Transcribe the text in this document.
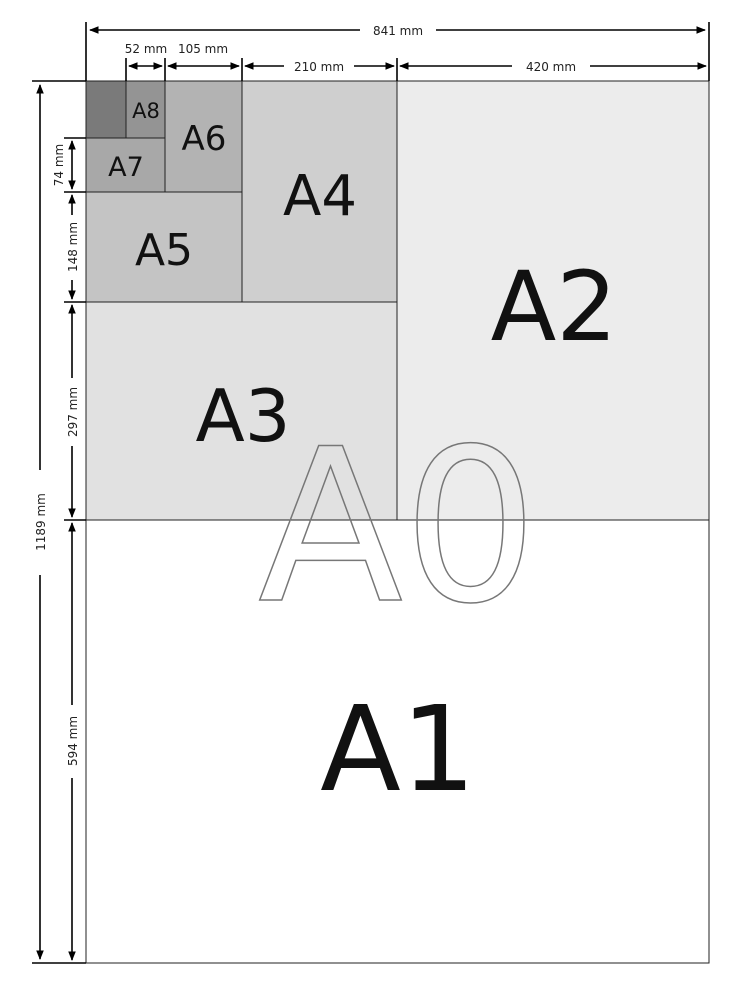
A1
A2
A3
A4
A5
A6
A7
A8
A0
841 mm
52 mm 105 mm
210 mm	420 mm
1189 mm
74 mm
148 mm
297 mm
594 mm
